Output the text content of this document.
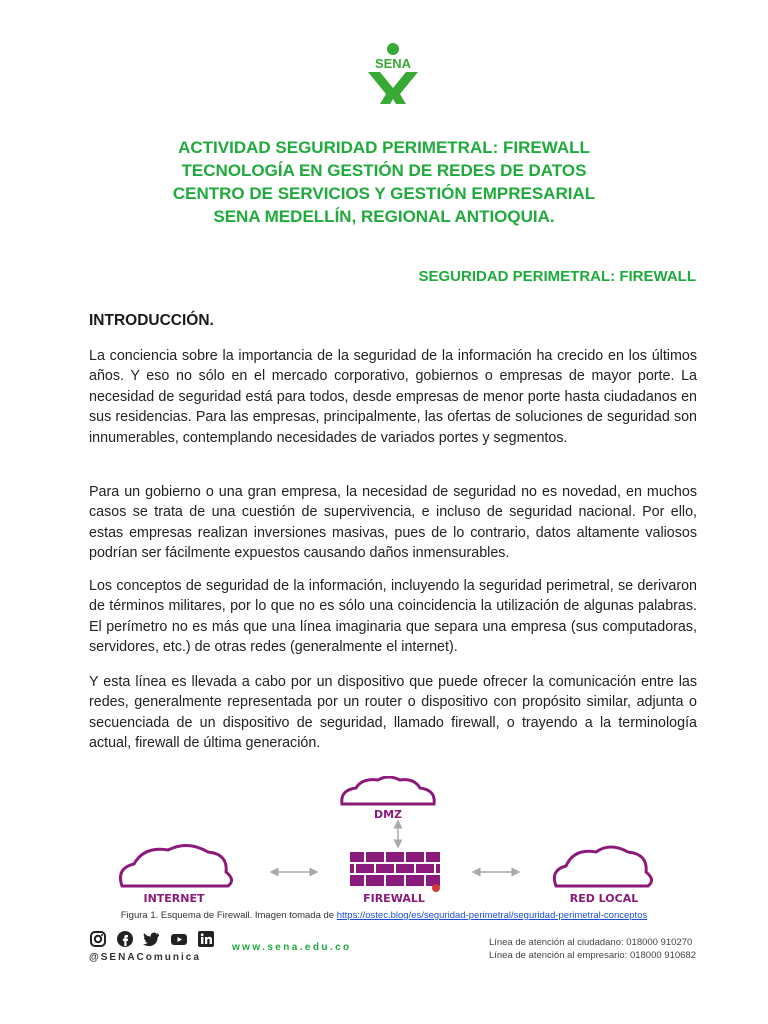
SENA
ACTIVIDAD SEGURIDAD PERIMETRAL: FIREWALL
TECNOLOGÍA EN GESTIÓN DE REDES DE DATOS
CENTRO DE SERVICIOS Y GESTIÓN EMPRESARIAL
SENA MEDELLÍN, REGIONAL ANTIOQUIA.
SEGURIDAD PERIMETRAL: FIREWALL
INTRODUCCIÓN.

La conciencia sobre la importancia de la seguridad de la información ha crecido en los últimos años. Y eso no sólo en el mercado corporativo, gobiernos o empresas de mayor porte. La necesidad de seguridad está para todos, desde empresas de menor porte hasta ciudadanos en sus residencias. Para las empresas, principalmente, las ofertas de soluciones de seguridad son innumerables, contemplando necesidades de variados portes y segmentos.

Para un gobierno o una gran empresa, la necesidad de seguridad no es novedad, en muchos casos se trata de una cuestión de supervivencia, e incluso de seguridad nacional. Por ello, estas empresas realizan inversiones masivas, pues de lo contrario, datos altamente valiosos podrían ser fácilmente expuestos causando daños inmensurables.

Los conceptos de seguridad de la información, incluyendo la seguridad perimetral, se derivaron de términos militares, por lo que no es sólo una coincidencia la utilización de algunas palabras. El perímetro no es más que una línea imaginaria que separa una empresa (sus computadoras, servidores, etc.) de otras redes (generalmente el internet).

Y esta línea es llevada a cabo por un dispositivo que puede ofrecer la comunicación entre las redes, generalmente representada por un router o dispositivo con propósito similar, adjunta o secuenciada de un dispositivo de seguridad, llamado firewall, o trayendo a la terminología actual, firewall de última generación.

DMZ
INTERNET	FIREWALL	RED LOCAL
Figura 1. Esquema de Firewall. Imagen tomada de https://ostec.blog/es/seguridad-perimetral/seguridad-perimetral-conceptos
@SENAComunica
www.sena.edu.co	Línea de atención al ciudadano: 018000 910270
Línea de atención al empresario: 018000 910682
